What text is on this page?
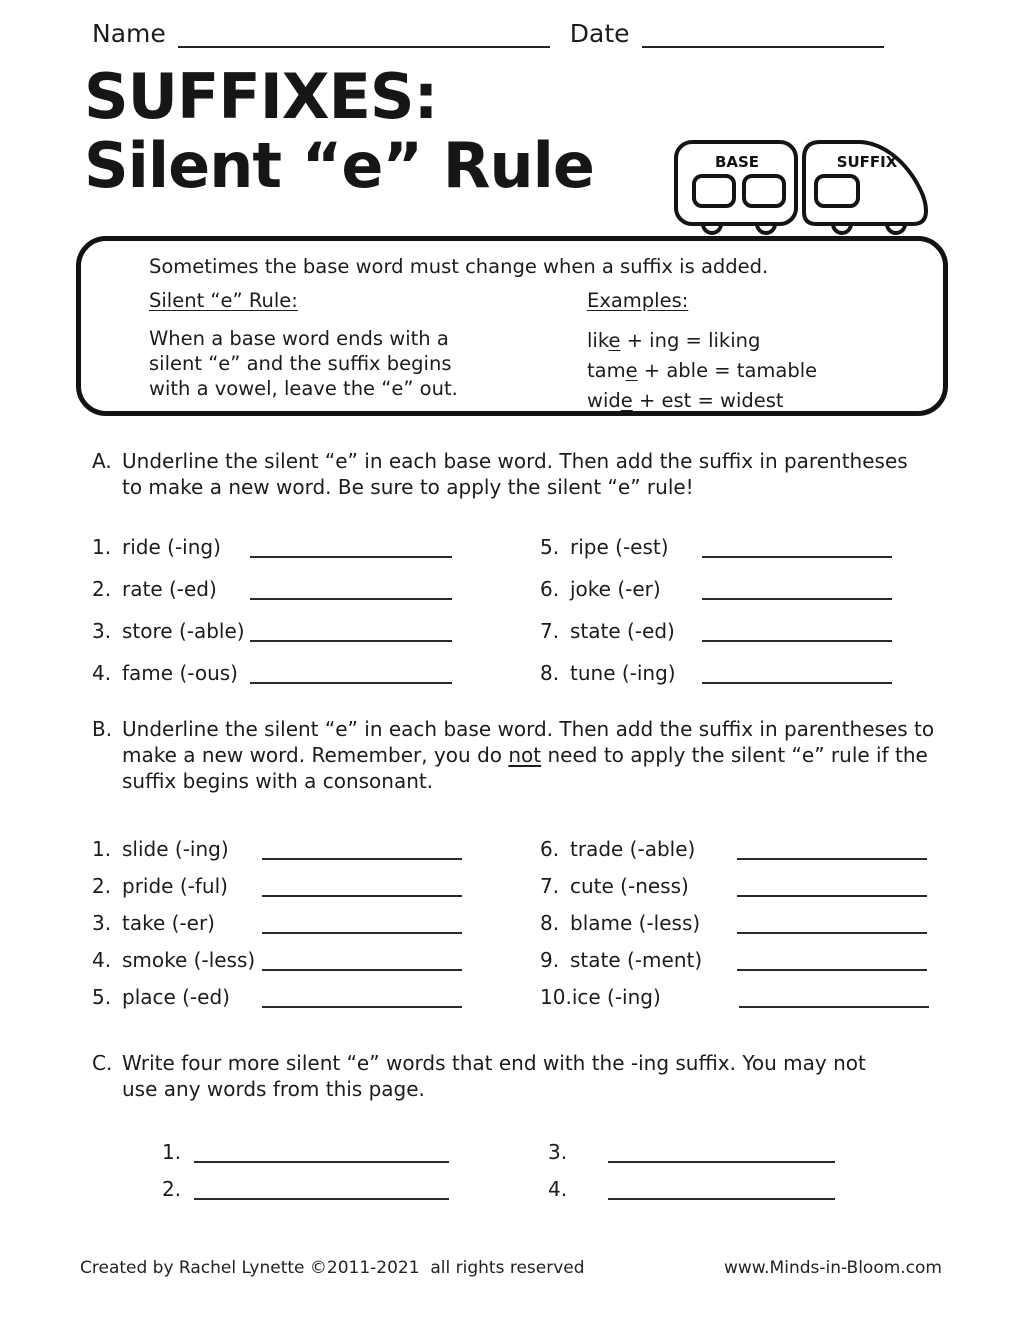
Name	Date
SUFFIXES:
Silent “e” Rule	BASE	SUFFIX
Sometimes the base word must change when a suffix is added.
Silent “e” Rule:
When a base word ends with a
silent “e” and the suffix begins
with a vowel, leave the “e” out.
Examples:
like + ing = liking
tame + able = tamable
wide + est = widest
A. Underline the silent “e” in each base word. Then add the suffix in parentheses
to make a new word. Be sure to apply the silent “e” rule!
1. ride (-ing)
2. rate (-ed)
3. store (-able)
4. fame (-ous)
5. ripe (-est)
6. joke (-er)
7. state (-ed)
8. tune (-ing)
B. Underline the silent “e” in each base word. Then add the suffix in parentheses to
make a new word. Remember, you do not need to apply the silent “e” rule if the
suffix begins with a consonant.
1. slide (-ing)
2. pride (-ful)
3. take (-er)
4. smoke (-less)
5. place (-ed)
6. trade (-able)
7. cute (-ness)
8. blame (-less)
9. state (-ment)
10. ice (-ing)
C. Write four more silent “e” words that end with the -ing suffix. You may not
use any words from this page.
1.
2.
3.
4.
Created by Rachel Lynette ©2011-2021  all rights reserved	www.Minds-in-Bloom.com
